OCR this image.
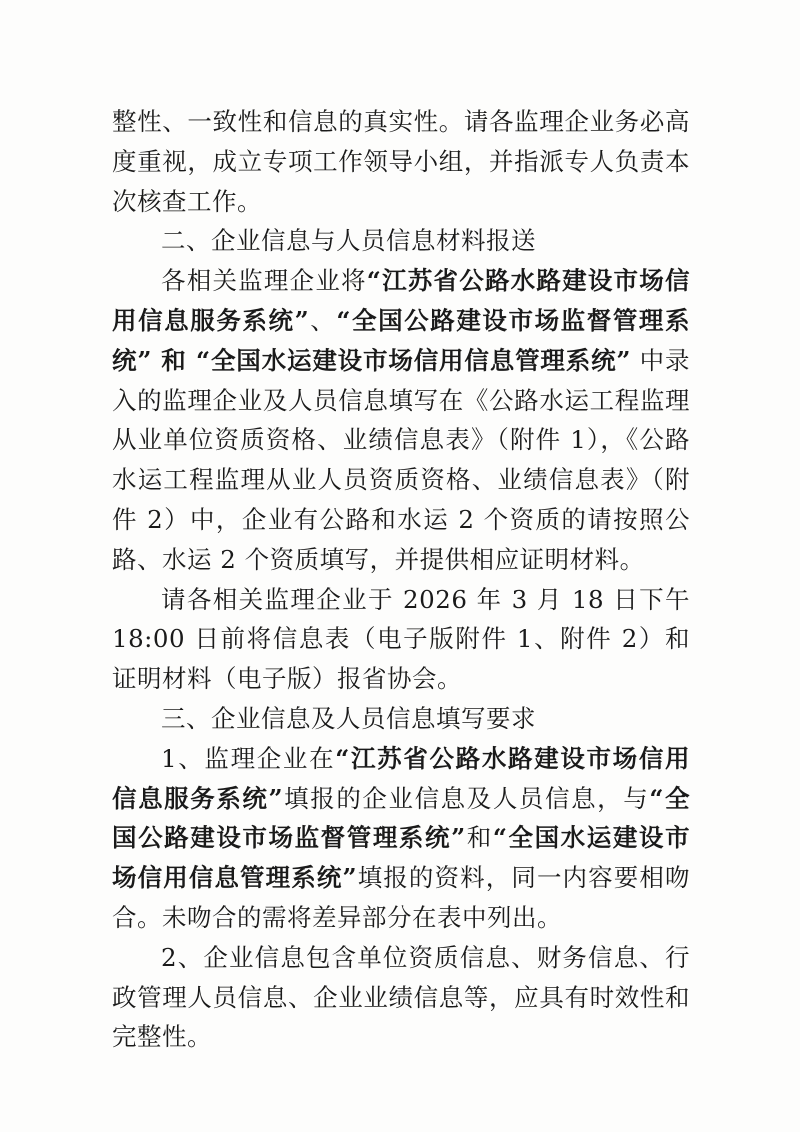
整性、一致性和信息的真实性。请各监理企业务必高度重视，成立专项工作领导小组，并指派专人负责本次核查工作。

二、企业信息与人员信息材料报送

各相关监理企业将“江苏省公路水路建设市场信用信息服务系统”、“全国公路建设市场监督管理系统” 和 “全国水运建设市场信用信息管理系统” 中录入的监理企业及人员信息填写在《公路水运工程监理从业单位资质资格、业绩信息表》（附件 1），《公路水运工程监理从业人员资质资格、业绩信息表》（附件 2）中，企业有公路和水运 2 个资质的请按照公路、水运 2 个资质填写，并提供相应证明材料。

请各相关监理企业于 2026 年 3 月 18 日下午 18:00 日前将信息表（电子版附件 1、附件 2）和证明材料（电子版）报省协会。

三、企业信息及人员信息填写要求

1、监理企业在“江苏省公路水路建设市场信用信息服务系统”填报的企业信息及人员信息，与“全国公路建设市场监督管理系统”和“全国水运建设市场信用信息管理系统”填报的资料，同一内容要相吻合。未吻合的需将差异部分在表中列出。

2、企业信息包含单位资质信息、财务信息、行政管理人员信息、企业业绩信息等，应具有时效性和完整性。
